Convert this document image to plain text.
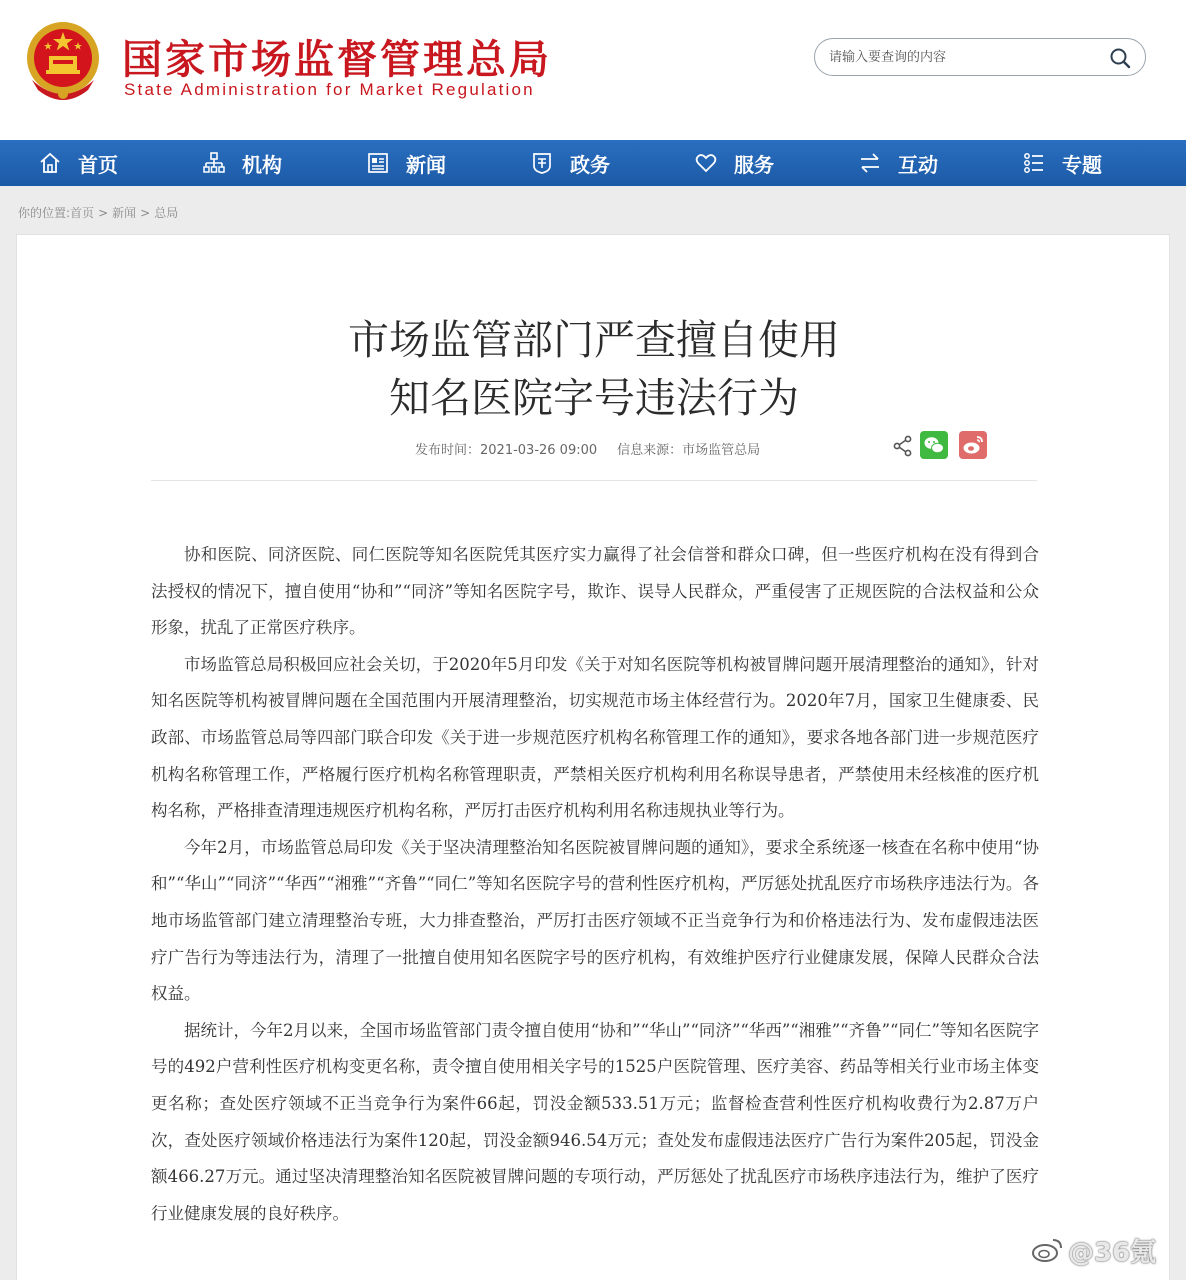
国家市场监督管理总局
State Administration for Market Regulation
请输入要查询的内容
首页	机构	新闻	政务	服务	互动	专题
你的位置:首页 > 新闻 > 总局
市场监管部门严查擅自使用
知名医院字号违法行为
发布时间：2021-03-26 09:00 信息来源：市场监管总局

协和医院、同济医院、同仁医院等知名医院凭其医疗实力赢得了社会信誉和群众口碑，但一些医疗机构在没有得到合法授权的情况下，擅自使用“协和”“同济”等知名医院字号，欺诈、误导人民群众，严重侵害了正规医院的合法权益和公众形象，扰乱了正常医疗秩序。

市场监管总局积极回应社会关切，于2020年5月印发《关于对知名医院等机构被冒牌问题开展清理整治的通知》，针对知名医院等机构被冒牌问题在全国范围内开展清理整治，切实规范市场主体经营行为。2020年7月，国家卫生健康委、民政部、市场监管总局等四部门联合印发《关于进一步规范医疗机构名称管理工作的通知》，要求各地各部门进一步规范医疗机构名称管理工作，严格履行医疗机构名称管理职责，严禁相关医疗机构利用名称误导患者，严禁使用未经核准的医疗机构名称，严格排查清理违规医疗机构名称，严厉打击医疗机构利用名称违规执业等行为。

今年2月，市场监管总局印发《关于坚决清理整治知名医院被冒牌问题的通知》，要求全系统逐一核查在名称中使用“协和”“华山”“同济”“华西”“湘雅”“齐鲁”“同仁”等知名医院字号的营利性医疗机构，严厉惩处扰乱医疗市场秩序违法行为。各地市场监管部门建立清理整治专班，大力排查整治，严厉打击医疗领域不正当竞争行为和价格违法行为、发布虚假违法医疗广告行为等违法行为，清理了一批擅自使用知名医院字号的医疗机构，有效维护医疗行业健康发展，保障人民群众合法权益。

据统计，今年2月以来，全国市场监管部门责令擅自使用“协和”“华山”“同济”“华西”“湘雅”“齐鲁”“同仁”等知名医院字号的492户营利性医疗机构变更名称，责令擅自使用相关字号的1525户医院管理、医疗美容、药品等相关行业市场主体变更名称；查处医疗领域不正当竞争行为案件66起，罚没金额533.51万元；监督检查营利性医疗机构收费行为2.87万户次，查处医疗领域价格违法行为案件120起，罚没金额946.54万元；查处发布虚假违法医疗广告行为案件205起，罚没金额466.27万元。通过坚决清理整治知名医院被冒牌问题的专项行动，严厉惩处了扰乱医疗市场秩序违法行为，维护了医疗行业健康发展的良好秩序。

@36氪
